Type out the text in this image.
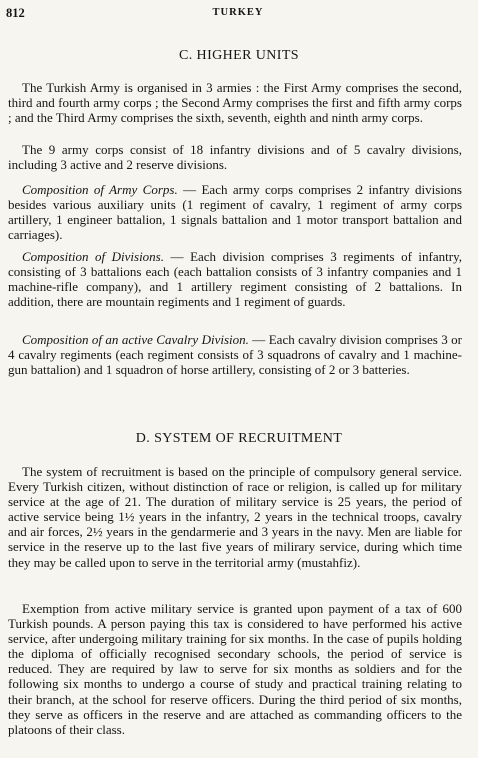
812	TURKEY
C. HIGHER UNITS

The Turkish Army is organised in 3 armies : the First Army comprises the second, third and fourth army corps ; the Second Army comprises the first and fifth army corps ; and the Third Army comprises the sixth, seventh, eighth and ninth army corps.

The 9 army corps consist of 18 infantry divisions and of 5 cavalry divisions, including 3 active and 2 reserve divisions.

Composition of Army Corps. — Each army corps comprises 2 infantry divisions besides various auxiliary units (1 regiment of cavalry, 1 regiment of army corps artillery, 1 engineer battalion, 1 signals battalion and 1 motor transport battalion and carriages).

Composition of Divisions. — Each division comprises 3 regiments of infantry, consisting of 3 battalions each (each battalion consists of 3 infantry companies and 1 machine-rifle company), and 1 artillery regiment consisting of 2 battalions. In addition, there are mountain regiments and 1 regiment of guards.

Composition of an active Cavalry Division. — Each cavalry division comprises 3 or 4 cavalry regiments (each regiment consists of 3 squadrons of cavalry and 1 machine-gun battalion) and 1 squadron of horse artillery, consisting of 2 or 3 batteries.

D. SYSTEM OF RECRUITMENT

The system of recruitment is based on the principle of compulsory general service. Every Turkish citizen, without distinction of race or religion, is called up for military service at the age of 21. The duration of military service is 25 years, the period of active service being 1½ years in the infantry, 2 years in the technical troops, cavalry and air forces, 2½ years in the gendarmerie and 3 years in the navy. Men are liable for service in the reserve up to the last five years of milirary service, during which time they may be called upon to serve in the territorial army (mustahfiz).

Exemption from active military service is granted upon payment of a tax of 600 Turkish pounds. A person paying this tax is considered to have performed his active service, after undergoing military training for six months. In the case of pupils holding the diploma of officially recognised secondary schools, the period of service is reduced. They are required by law to serve for six months as soldiers and for the following six months to undergo a course of study and practical training relating to their branch, at the school for reserve officers. During the third period of six months, they serve as officers in the reserve and are attached as commanding officers to the platoons of their class.
